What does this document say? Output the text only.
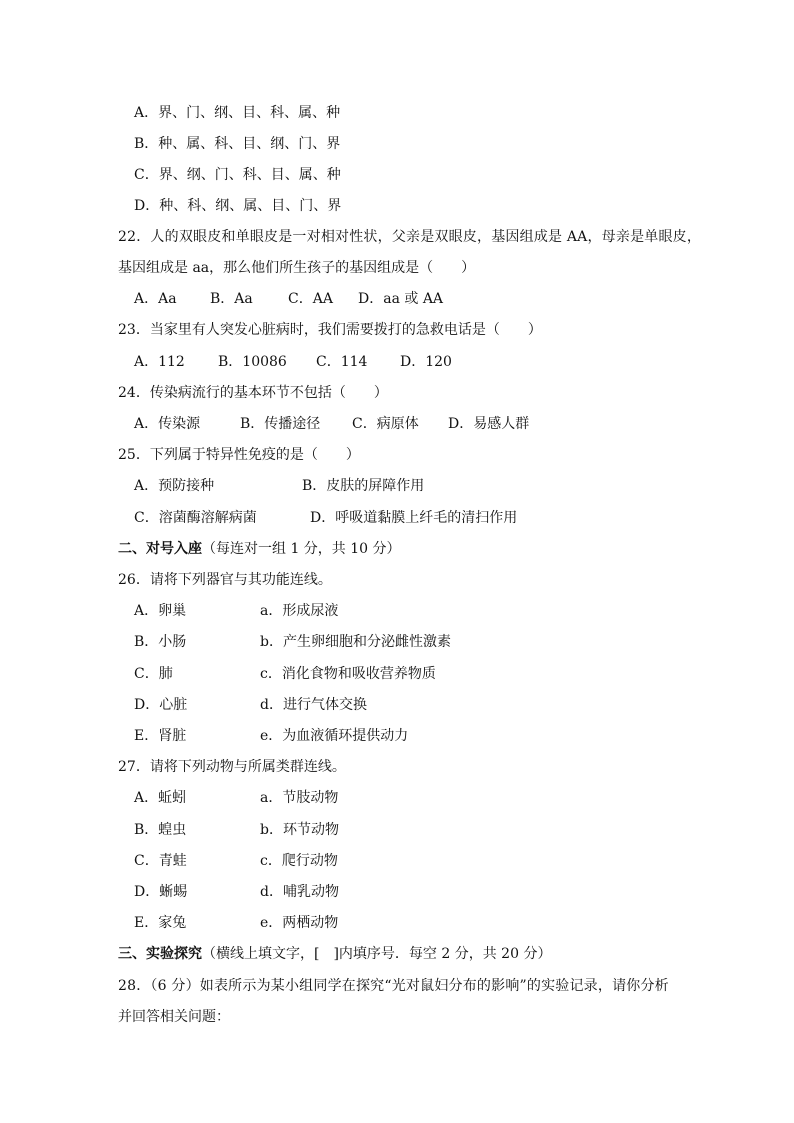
A．界、门、纲、目、科、属、种
B．种、属、科、目、纲、门、界
C．界、纲、门、科、目、属、种
D．种、科、纲、属、目、门、界
22．人的双眼皮和单眼皮是一对相对性状，父亲是双眼皮，基因组成是 AA，母亲是单眼皮，
基因组成是 aa，那么他们所生孩子的基因组成是（　　）
A．Aa B．Aa	C．AA D．aa 或 AA
23．当家里有人突发心脏病时，我们需要拨打的急救电话是（　　）
A．112 B．10086 C．114 D．120
24．传染病流行的基本环节不包括（　　）
A．传染源	B．传播途径 C．病原体 D．易感人群
25．下列属于特异性免疫的是（　　）
A．预防接种	B．皮肤的屏障作用
C．溶菌酶溶解病菌	D．呼吸道黏膜上纤毛的清扫作用
二、对号入座（每连对一组 1 分，共 10 分）
26．请将下列器官与其功能连线。
A．卵巢	a．形成尿液
B．小肠	b．产生卵细胞和分泌雌性激素
C．肺	c．消化食物和吸收营养物质
D．心脏	d．进行气体交换
E．肾脏	e．为血液循环提供动力
27．请将下列动物与所属类群连线。
A．蚯蚓	a．节肢动物
B．蝗虫	b．环节动物
C．青蛙	c．爬行动物
D．蜥蜴	d．哺乳动物
E．家兔	e．两栖动物
三、实验探究（横线上填文字，[　]内填序号．每空 2 分，共 20 分）
28．（6 分）如表所示为某小组同学在探究“光对鼠妇分布的影响”的实验记录，请你分析
并回答相关问题：
